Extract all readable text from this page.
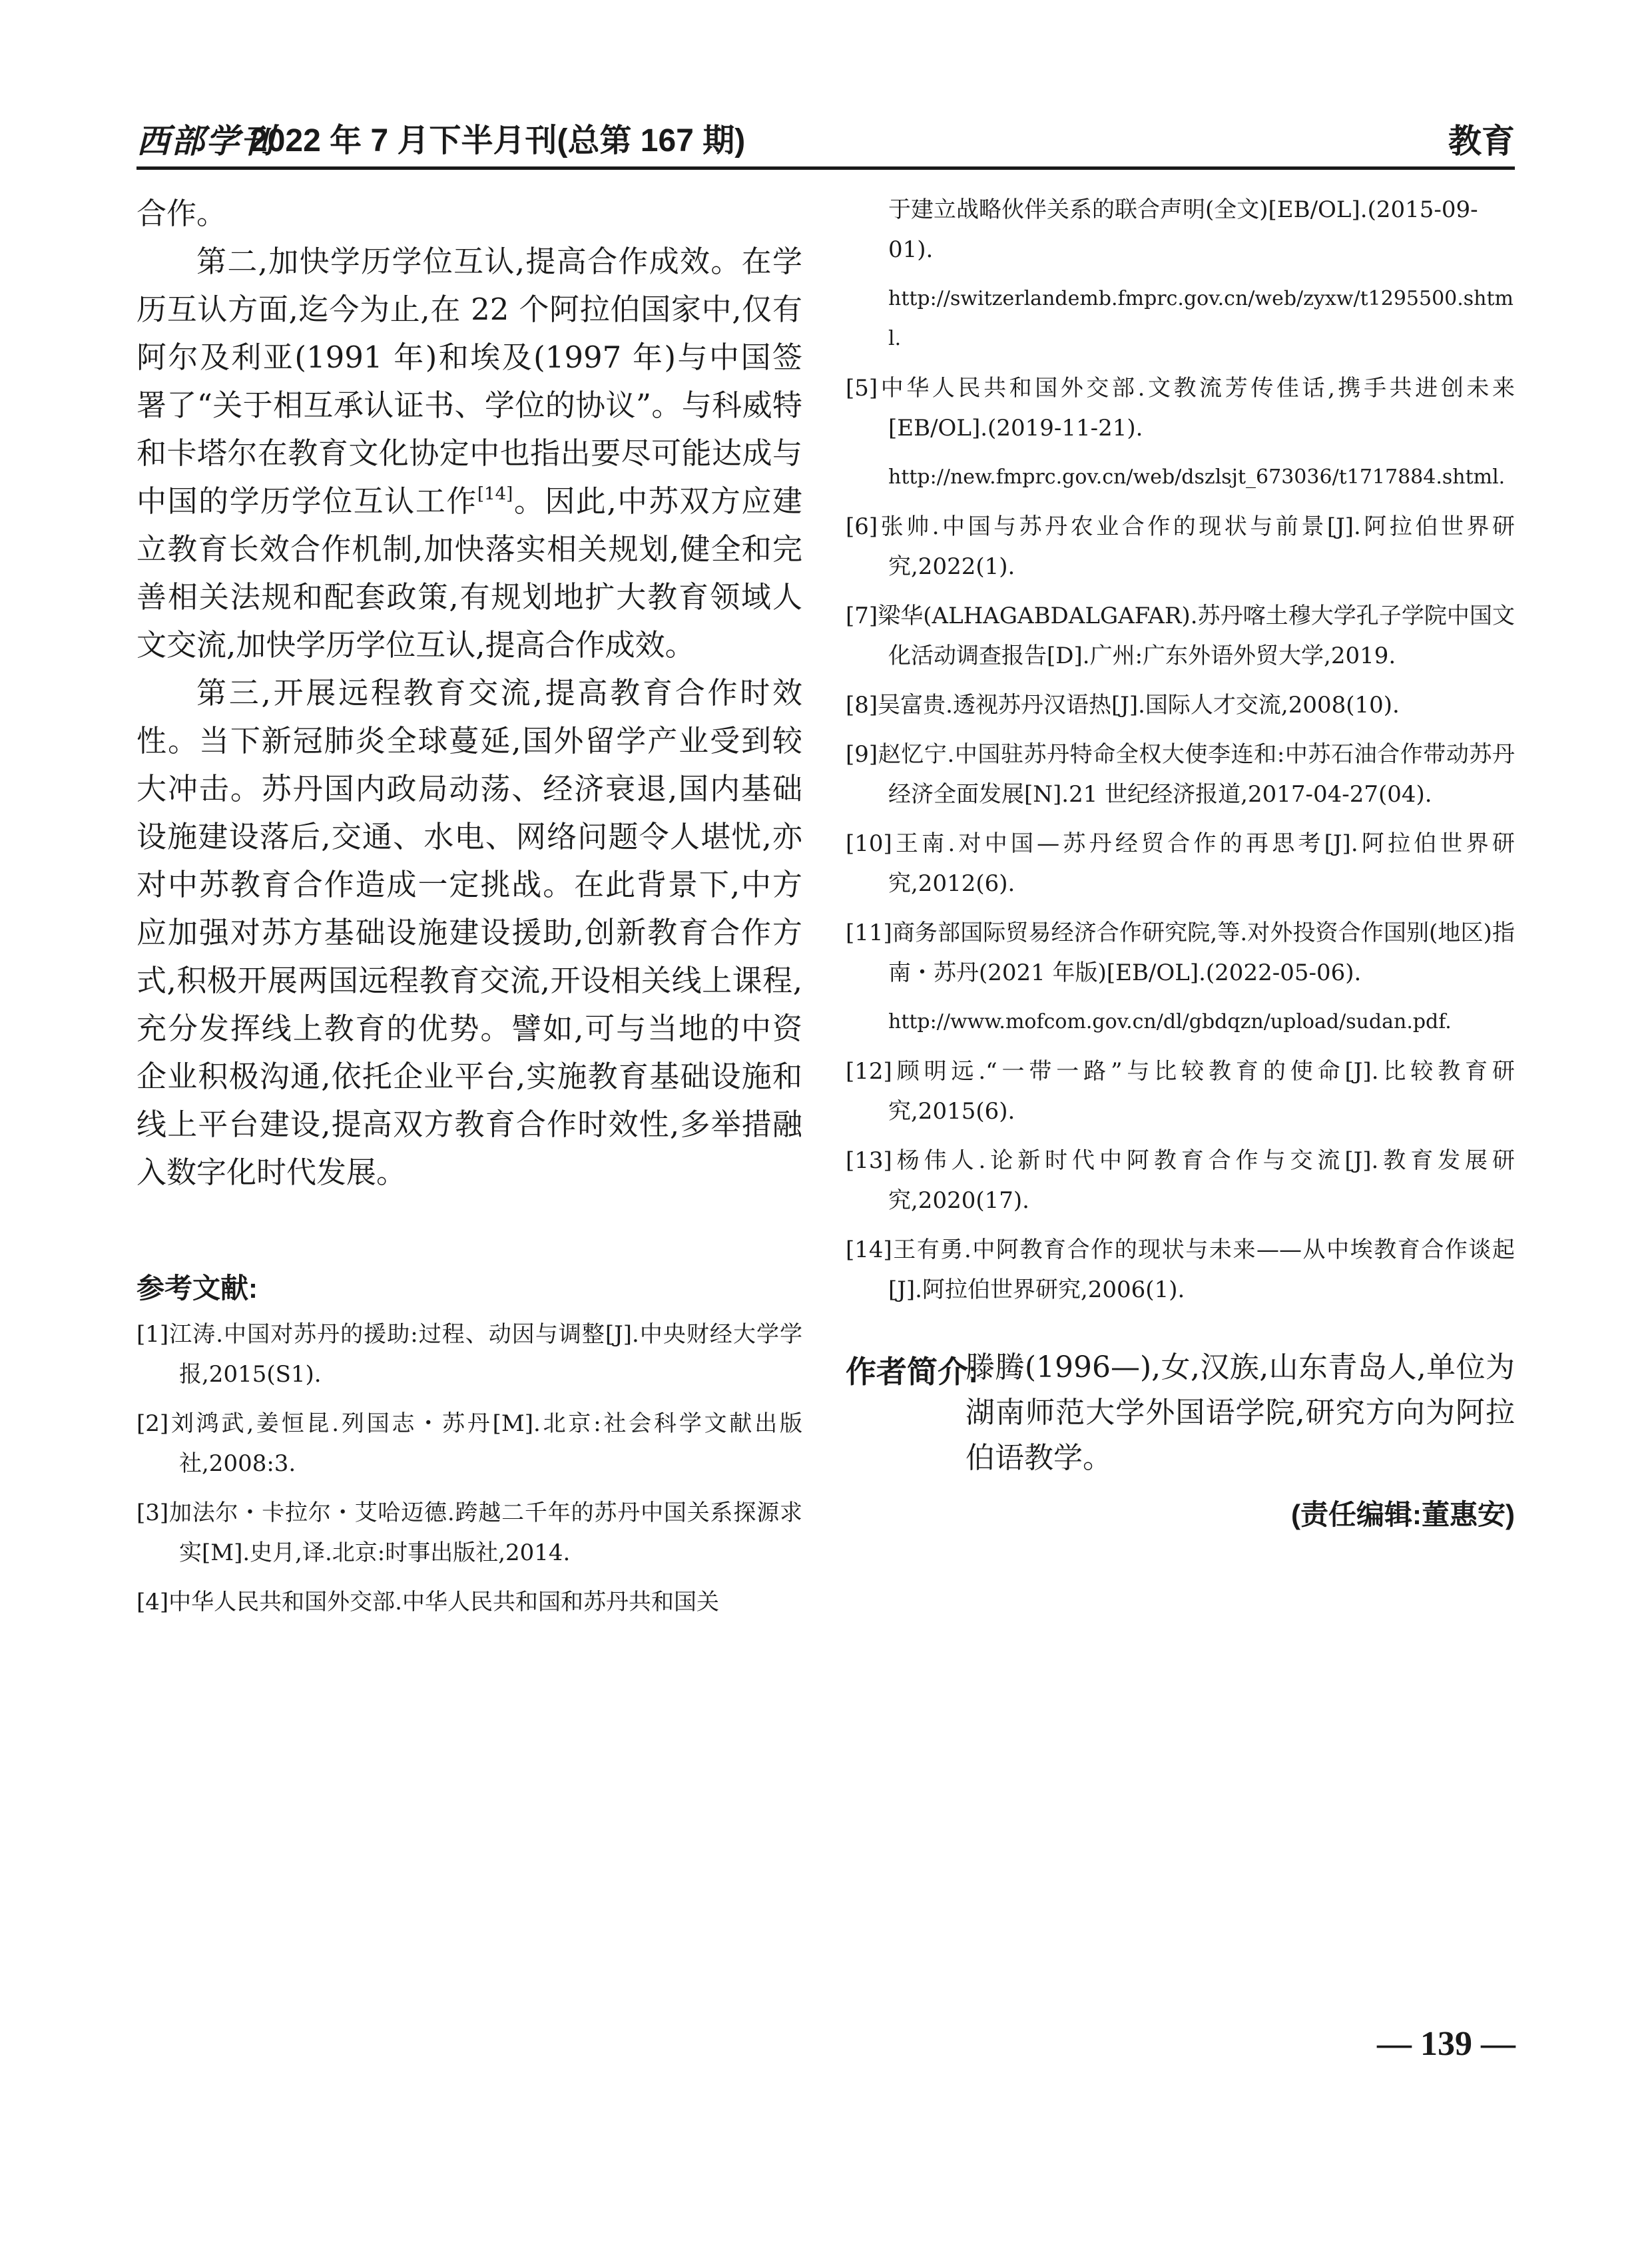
西部学刊
2022 年 7 月下半月刊(总第 167 期)	教育

合作。

第二,加快学历学位互认,提高合作成效。在学历互认方面,迄今为止,在 22 个阿拉伯国家中,仅有阿尔及利亚(1991 年)和埃及(1997 年)与中国签署了“关于相互承认证书、学位的协议”。与科威特和卡塔尔在教育文化协定中也指出要尽可能达成与中国的学历学位互认工作[14]。因此,中苏双方应建立教育长效合作机制,加快落实相关规划,健全和完善相关法规和配套政策,有规划地扩大教育领域人文交流,加快学历学位互认,提高合作成效。

第三,开展远程教育交流,提高教育合作时效性。当下新冠肺炎全球蔓延,国外留学产业受到较大冲击。苏丹国内政局动荡、经济衰退,国内基础设施建设落后,交通、水电、网络问题令人堪忧,亦对中苏教育合作造成一定挑战。在此背景下,中方应加强对苏方基础设施建设援助,创新教育合作方式,积极开展两国远程教育交流,开设相关线上课程,充分发挥线上教育的优势。譬如,可与当地的中资企业积极沟通,依托企业平台,实施教育基础设施和线上平台建设,提高双方教育合作时效性,多举措融入数字化时代发展。

参考文献:

[1]江涛.中国对苏丹的援助:过程、动因与调整[J].中央财经大学学报,2015(S1).

[2]刘鸿武,姜恒昆.列国志・苏丹[M].北京:社会科学文献出版社,2008:3.

[3]加法尔・卡拉尔・艾哈迈德.跨越二千年的苏丹中国关系探源求实[M].史月,译.北京:时事出版社,2014.

[4]中华人民共和国外交部.中华人民共和国和苏丹共和国关

于建立战略伙伴关系的联合声明(全文)[EB/OL].(2015-09-01).

http://switzerlandemb.fmprc.gov.cn/web/zyxw/t1295500.shtml.

[5]中华人民共和国外交部.文教流芳传佳话,携手共进创未来[EB/OL].(2019-11-21).

http://new.fmprc.gov.cn/web/dszlsjt_673036/t1717884.shtml.

[6]张帅.中国与苏丹农业合作的现状与前景[J].阿拉伯世界研究,2022(1).

[7]梁华(ALHAGABDALGAFAR).苏丹喀土穆大学孔子学院中国文化活动调查报告[D].广州:广东外语外贸大学,2019.

[8]吴富贵.透视苏丹汉语热[J].国际人才交流,2008(10).

[9]赵忆宁.中国驻苏丹特命全权大使李连和:中苏石油合作带动苏丹经济全面发展[N].21 世纪经济报道,2017-04-27(04).

[10]王南.对中国—苏丹经贸合作的再思考[J].阿拉伯世界研究,2012(6).

[11]商务部国际贸易经济合作研究院,等.对外投资合作国别(地区)指南・苏丹(2021 年版)[EB/OL].(2022-05-06).

http://www.mofcom.gov.cn/dl/gbdqzn/upload/sudan.pdf.

[12]顾明远.“一带一路”与比较教育的使命[J].比较教育研究,2015(6).

[13]杨伟人.论新时代中阿教育合作与交流[J].教育发展研究,2020(17).

[14]王有勇.中阿教育合作的现状与未来——从中埃教育合作谈起[J].阿拉伯世界研究,2006(1).

作者简介:

滕腾(1996—),女,汉族,山东青岛人,单位为湖南师范大学外国语学院,研究方向为阿拉伯语教学。

(责任编辑:董惠安)
— 139 —
